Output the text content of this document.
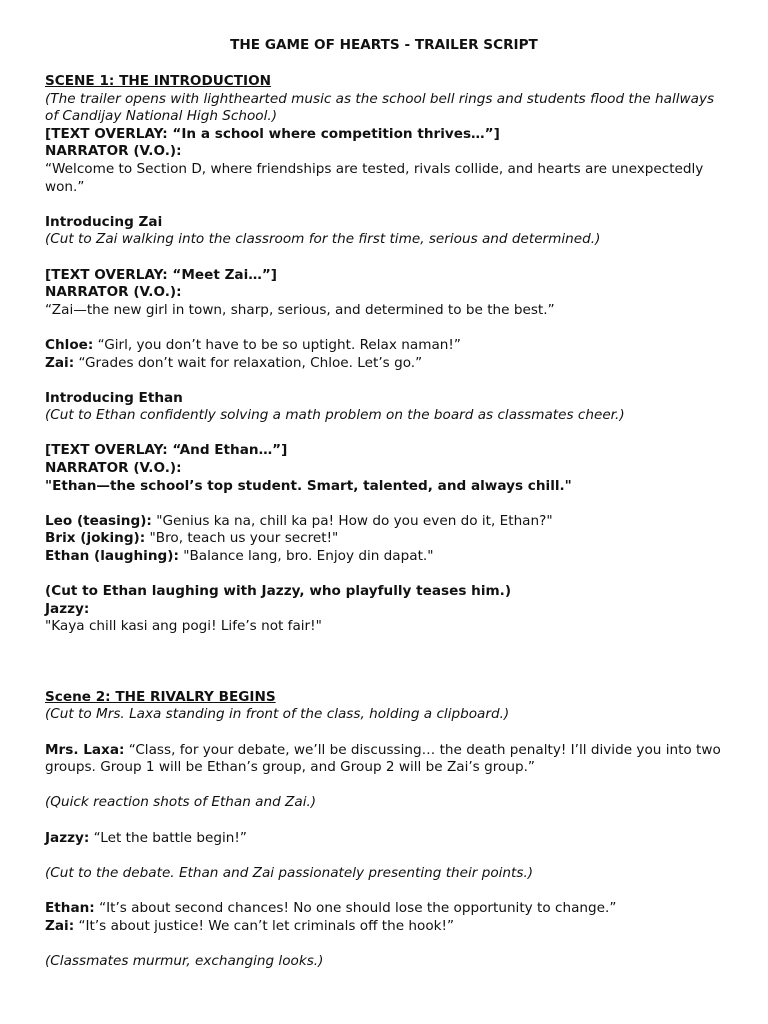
THE GAME OF HEARTS - TRAILER SCRIPT
SCENE 1: THE INTRODUCTION
(The trailer opens with lighthearted music as the school bell rings and students flood the hallways of Candijay National High School.)
[TEXT OVERLAY: “In a school where competition thrives…”]
NARRATOR (V.O.):
“Welcome to Section D, where friendships are tested, rivals collide, and hearts are unexpectedly won.”
Introducing Zai
(Cut to Zai walking into the classroom for the first time, serious and determined.)
[TEXT OVERLAY: “Meet Zai…”]
NARRATOR (V.O.):
“Zai—the new girl in town, sharp, serious, and determined to be the best.”
Chloe: “Girl, you don’t have to be so uptight. Relax naman!”
Zai: “Grades don’t wait for relaxation, Chloe. Let’s go.”
Introducing Ethan
(Cut to Ethan confidently solving a math problem on the board as classmates cheer.)
[TEXT OVERLAY: “And Ethan…”]
NARRATOR (V.O.):
"Ethan—the school’s top student. Smart, talented, and always chill."
Leo (teasing): "Genius ka na, chill ka pa! How do you even do it, Ethan?"
Brix (joking): "Bro, teach us your secret!"
Ethan (laughing): "Balance lang, bro. Enjoy din dapat."
(Cut to Ethan laughing with Jazzy, who playfully teases him.)
Jazzy:
"Kaya chill kasi ang pogi! Life’s not fair!"
Scene 2: THE RIVALRY BEGINS
(Cut to Mrs. Laxa standing in front of the class, holding a clipboard.)
Mrs. Laxa: “Class, for your debate, we’ll be discussing… the death penalty! I’ll divide you into two groups. Group 1 will be Ethan’s group, and Group 2 will be Zai’s group.”
(Quick reaction shots of Ethan and Zai.)
Jazzy: “Let the battle begin!”
(Cut to the debate. Ethan and Zai passionately presenting their points.)
Ethan: “It’s about second chances! No one should lose the opportunity to change.”
Zai: “It’s about justice! We can’t let criminals off the hook!”
(Classmates murmur, exchanging looks.)
